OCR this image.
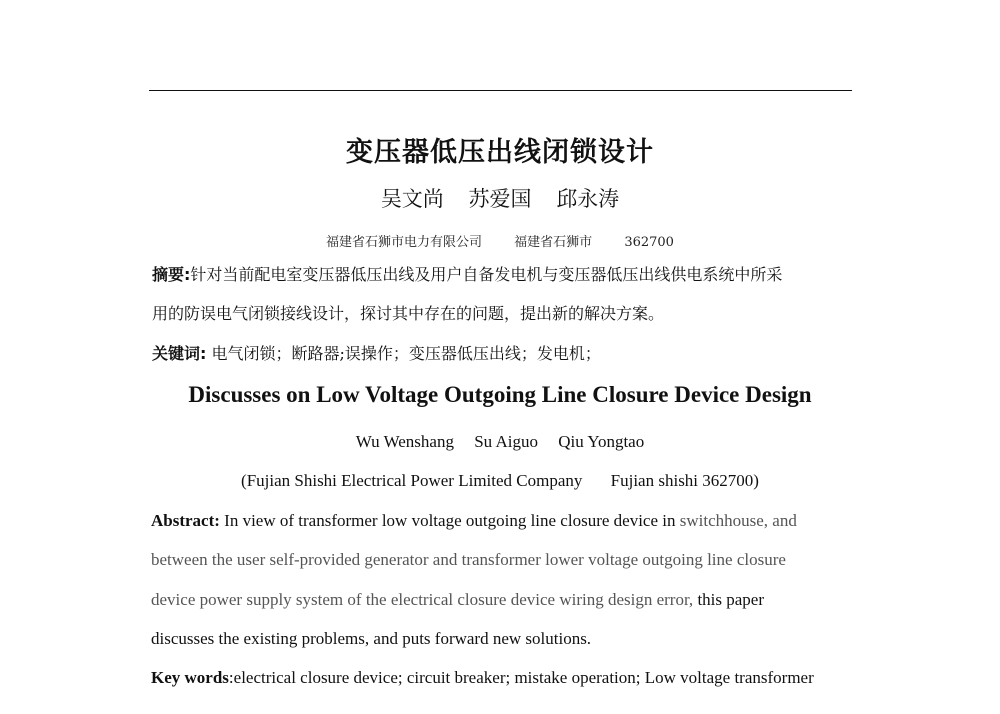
变压器低压出线闭锁设计
吴文尚 苏爱国 邱永涛
福建省石狮市电力有限公司 福建省石狮市 362700
摘要:针对当前配电室变压器低压出线及用户自备发电机与变压器低压出线供电系统中所采
用的防误电气闭锁接线设计，探讨其中存在的问题，提出新的解决方案。
关键词: 电气闭锁；断路器;误操作；变压器低压出线；发电机；
Discusses on Low Voltage Outgoing Line Closure Device Design
Wu Wenshang Su Aiguo Qiu Yongtao
(Fujian Shishi Electrical Power Limited Company Fujian shishi 362700)
Abstract: In view of transformer low voltage outgoing line closure device in switchhouse, and
between the user self-provided generator and transformer lower voltage outgoing line closure
device power supply system of the electrical closure device wiring design error, this paper
discusses the existing problems, and puts forward new solutions.
Key words:electrical closure device; circuit breaker; mistake operation; Low voltage transformer
